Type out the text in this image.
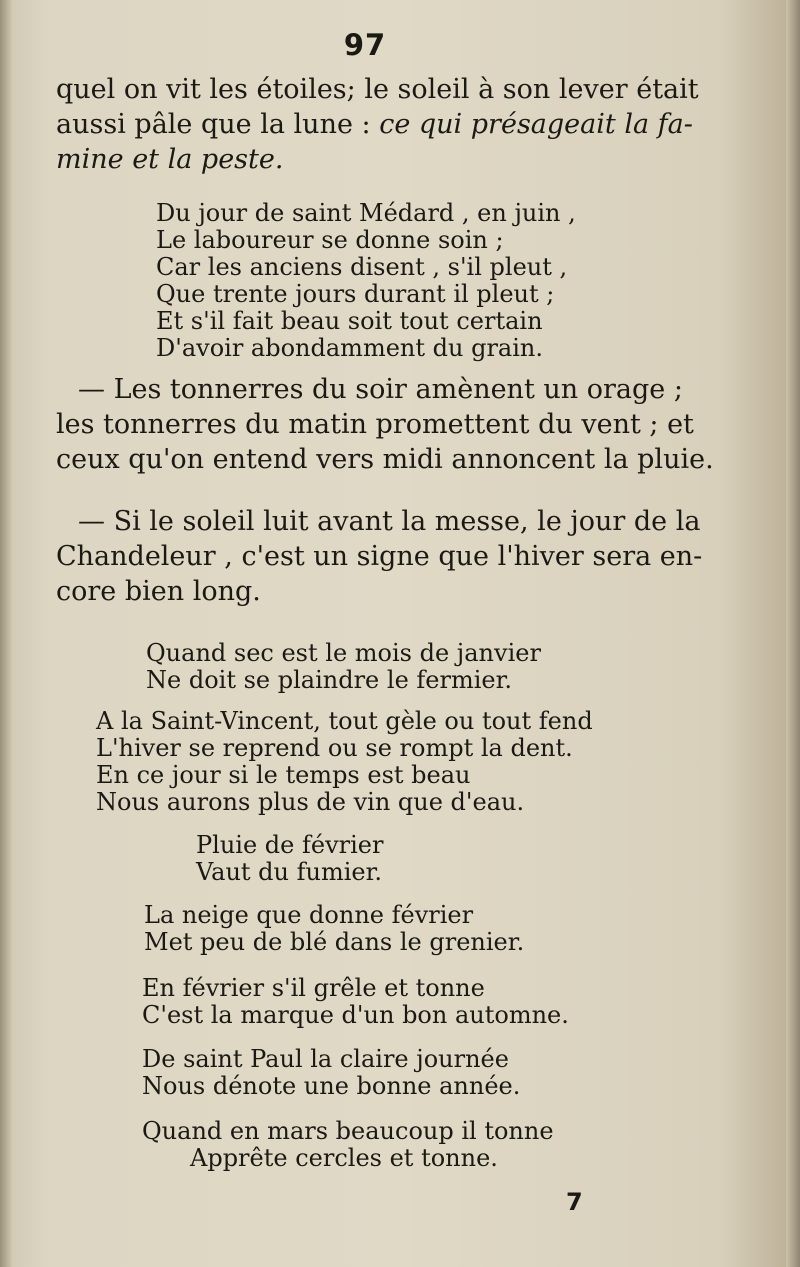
97
quel on vit les étoiles; le soleil à son lever était
aussi pâle que la lune : ce qui présageait la fa-
mine et la peste.
Du jour de saint Médard , en juin ,
Le laboureur se donne soin ;
Car les anciens disent , s'il pleut ,
Que trente jours durant il pleut ;
Et s'il fait beau soit tout certain
D'avoir abondamment du grain.
— Les tonnerres du soir amènent un orage ;
les tonnerres du matin promettent du vent ; et
ceux qu'on entend vers midi annoncent la pluie.
— Si le soleil luit avant la messe, le jour de la
Chandeleur , c'est un signe que l'hiver sera en-
core bien long.
Quand sec est le mois de janvier
Ne doit se plaindre le fermier.
A la Saint-Vincent, tout gèle ou tout fend
L'hiver se reprend ou se rompt la dent.
En ce jour si le temps est beau
Nous aurons plus de vin que d'eau.
Pluie de février
Vaut du fumier.
La neige que donne février
Met peu de blé dans le grenier.
En février s'il grêle et tonne
C'est la marque d'un bon automne.
De saint Paul la claire journée
Nous dénote une bonne année.
Quand en mars beaucoup il tonne
Apprête cercles et tonne.
7
